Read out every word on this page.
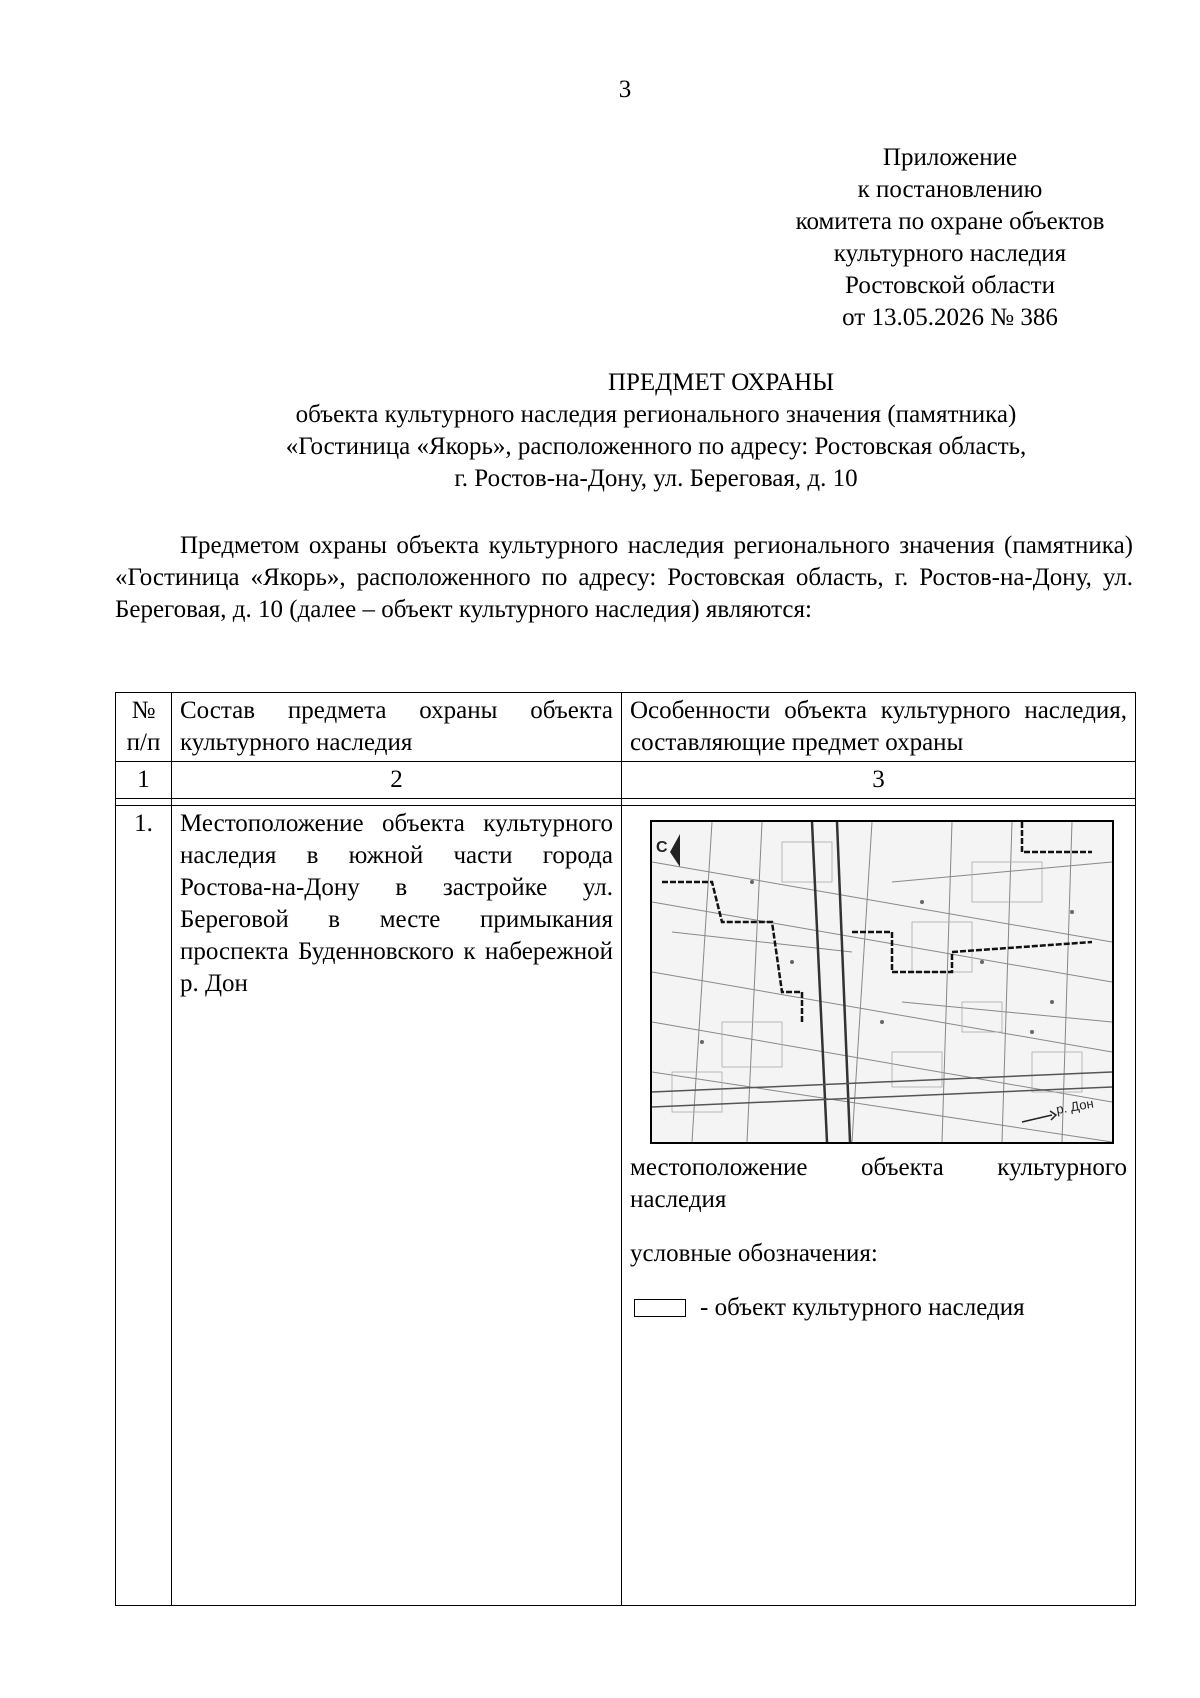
3
Приложение
к постановлению
комитета по охране объектов
культурного наследия
Ростовской области
от 13.05.2026 № 386
ПРЕДМЕТ ОХРАНЫ
объекта культурного наследия регионального значения (памятника)
«Гостиница «Якорь», расположенного по адресу: Ростовская область,
г. Ростов-на-Дону, ул. Береговая, д. 10

Предметом охраны объекта культурного наследия регионального значения (памятника) «Гостиница «Якорь», расположенного по адресу: Ростовская область, г. Ростов-на-Дону, ул. Береговая, д. 10 (далее – объект культурного наследия) являются:

№ п/п	Состав предмета охраны объекта культурного наследия	Особенности объекта культурного наследия, составляющие предмет охраны
1	2	3

1.	Местоположение объекта культурного наследия в южной части города Ростова-на-Дону в застройке ул. Береговой в месте примыкания проспекта Буденновского к набережной р. Дон	С
р. Дон
местоположение объекта культурного наследия
условные обозначения:
- объект культурного наследия
